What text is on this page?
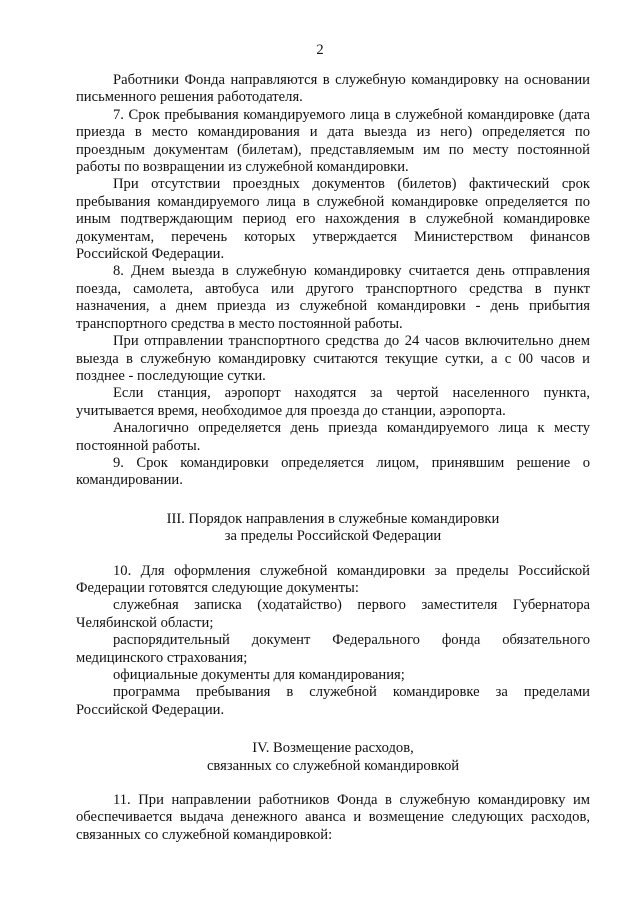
2

Работники Фонда направляются в служебную командировку на основании письменного решения работодателя.

7. Срок пребывания командируемого лица в служебной командировке (дата приезда в место командирования и дата выезда из него) определяется по проездным документам (билетам), представляемым им по месту постоянной работы по возвращении из служебной командировки.

При отсутствии проездных документов (билетов) фактический срок пребывания командируемого лица в служебной командировке определяется по иным подтверждающим период его нахождения в служебной командировке документам, перечень которых утверждается Министерством финансов Российской Федерации.

8. Днем выезда в служебную командировку считается день отправления поезда, самолета, автобуса или другого транспортного средства в пункт назначения, а днем приезда из служебной командировки - день прибытия транспортного средства в место постоянной работы.

При отправлении транспортного средства до 24 часов включительно днем выезда в служебную командировку считаются текущие сутки, а с 00 часов и позднее - последующие сутки.

Если станция, аэропорт находятся за чертой населенного пункта, учитывается время, необходимое для проезда до станции, аэропорта.

Аналогично определяется день приезда командируемого лица к месту постоянной работы.

9. Срок командировки определяется лицом, принявшим решение о командировании.

III. Порядок направления в служебные командировки
за пределы Российской Федерации

10. Для оформления служебной командировки за пределы Российской Федерации готовятся следующие документы:

служебная записка (ходатайство) первого заместителя Губернатора Челябинской области;

распорядительный документ Федерального фонда обязательного медицинского страхования;

официальные документы для командирования;

программа пребывания в служебной командировке за пределами Российской Федерации.

IV. Возмещение расходов,
связанных со служебной командировкой

11. При направлении работников Фонда в служебную командировку им обеспечивается выдача денежного аванса и возмещение следующих расходов, связанных со служебной командировкой:
